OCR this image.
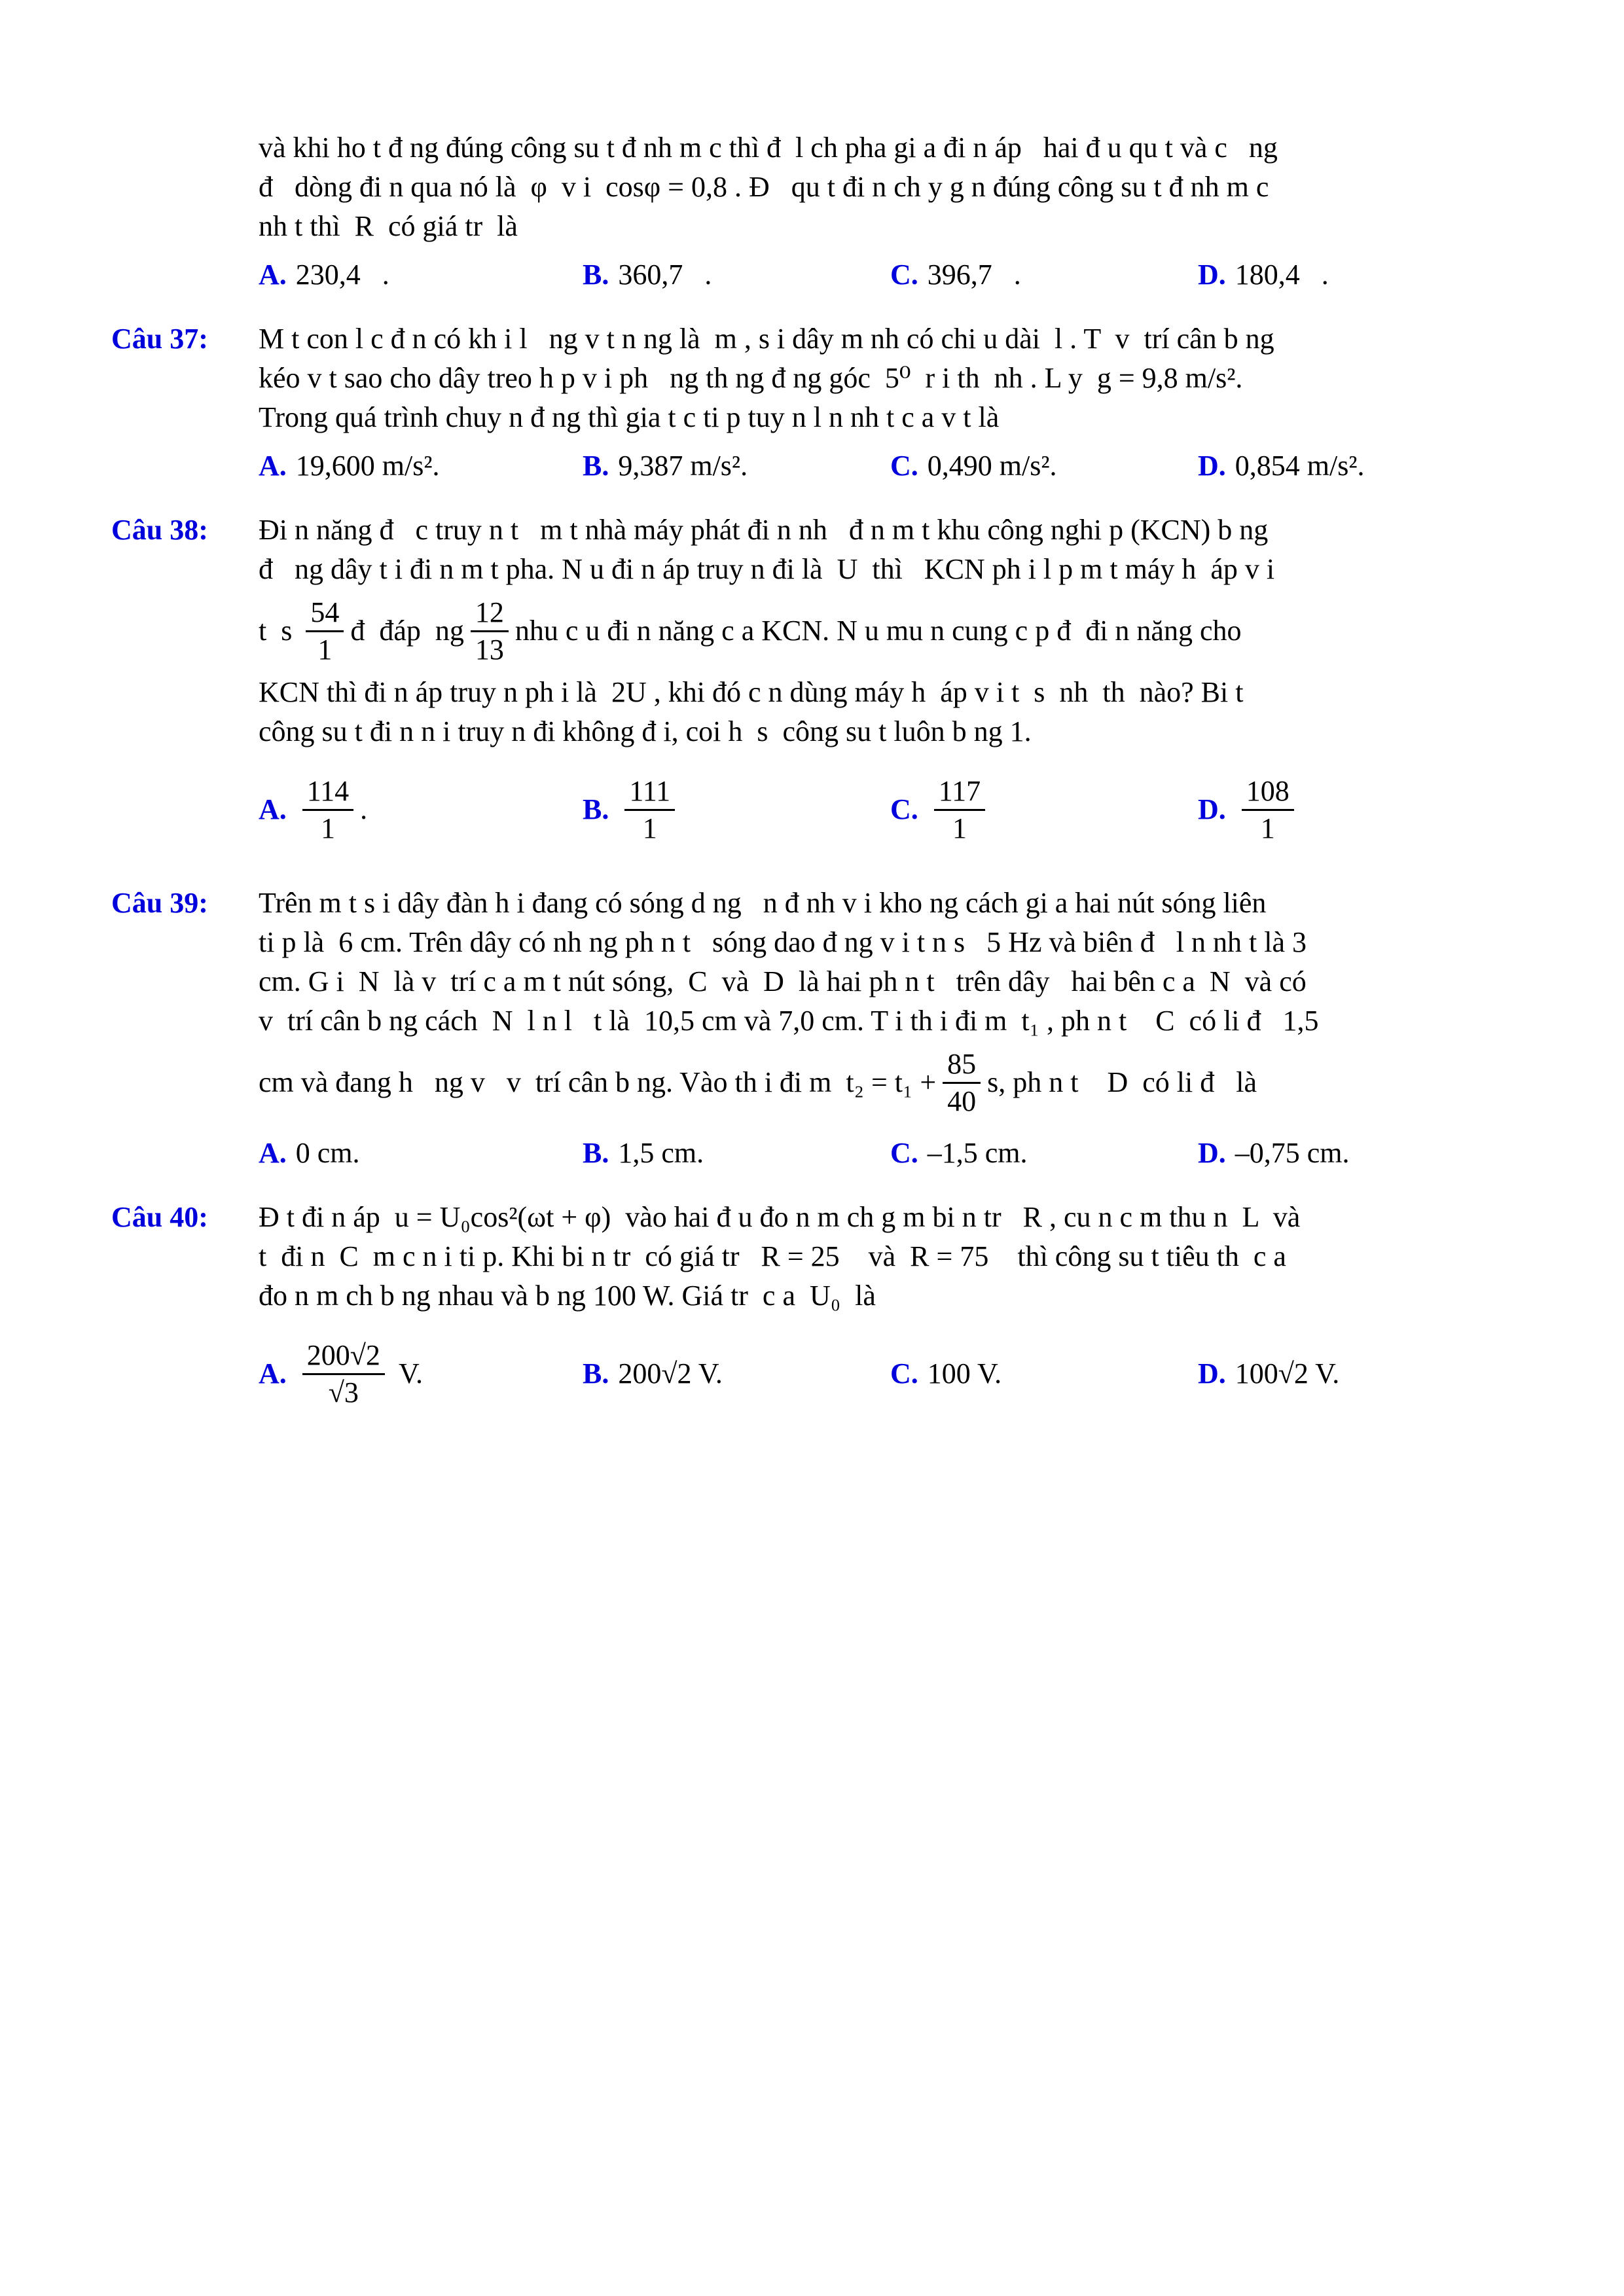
và khi ho t đ ng đúng công su t đ nh m c thì đ  l ch pha gi a đi n áp   hai đ u qu t và c   ng
đ   dòng đi n qua nó là  φ  v i  cosφ = 0,8 . Đ   qu t đi n ch y g n đúng công su t đ nh m c
nh t thì  R  có giá tr  là
A. 230,4   .	B. 360,7   .	C. 396,7   .	D. 180,4   .
Câu 37:	M t con l c đ n có kh i l   ng v t n ng là  m , s i dây m nh có chi u dài  l . T  v  trí cân b ng
kéo v t sao cho dây treo h p v i ph   ng th ng đ ng góc  5⁰  r i th  nh . L y  g = 9,8 m/s².
Trong quá trình chuy n đ ng thì gia t c ti p tuy n l n nh t c a v t là
A. 19,600 m/s².	B. 9,387 m/s².	C. 0,490 m/s².	D. 0,854 m/s².
Câu 38:	Đi n năng đ   c truy n t   m t nhà máy phát đi n nh   đ n m t khu công nghi p (KCN) b ng
đ   ng dây t i đi n m t pha. N u đi n áp truy n đi là  U  thì   KCN ph i l p m t máy h  áp v i
t  s $\frac{54}{1}$ đ  đáp  ng $\frac{12}{13}$ nhu c u đi n năng c a KCN. N u mu n cung c p đ  đi n năng cho
KCN thì đi n áp truy n ph i là  2U , khi đó c n dùng máy h  áp v i t  s  nh  th  nào? Bi t
công su t đi n n i truy n đi không đ i, coi h  s  công su t luôn b ng 1.
A. $\frac{114}{1}$ .	B. $\frac{111}{1}$	C. $\frac{117}{1}$	D. $\frac{108}{1}$
Câu 39:	Trên m t s i dây đàn h i đang có sóng d ng   n đ nh v i kho ng cách gi a hai nút sóng liên
ti p là  6 cm. Trên dây có nh ng ph n t   sóng dao đ ng v i t n s   5 Hz và biên đ   l n nh t là 3
cm. G i  N  là v  trí c a m t nút sóng,  C  và  D  là hai ph n t   trên dây   hai bên c a  N  và có
v  trí cân b ng cách  N  l n l   t là  10,5 cm và 7,0 cm. T i th i đi m  t₁ , ph n t    C  có li đ   1,5
cm và đang h   ng v   v  trí cân b ng. Vào th i đi m  $t_2 = t_1 + \frac{85}{40} s$, ph n t    D  có li đ   là
A. 0 cm.	B. 1,5 cm.	C. –1,5 cm.	D. –0,75 cm.
Câu 40:	Đ t đi n áp  u = U₀cos²(ωt + φ)  vào hai đ u đo n m ch g m bi n tr   R , cu n c m thu n  L  và
t  đi n  C  m c n i ti p. Khi bi n tr  có giá tr   R = 25    và  R = 75    thì công su t tiêu th  c a
đo n m ch b ng nhau và b ng 100 W. Giá tr  c a  U₀  là
A. $\frac{200√2}{√3} V$.	B. 200√2 V.	C. 100 V.	D. 100√2 V.
